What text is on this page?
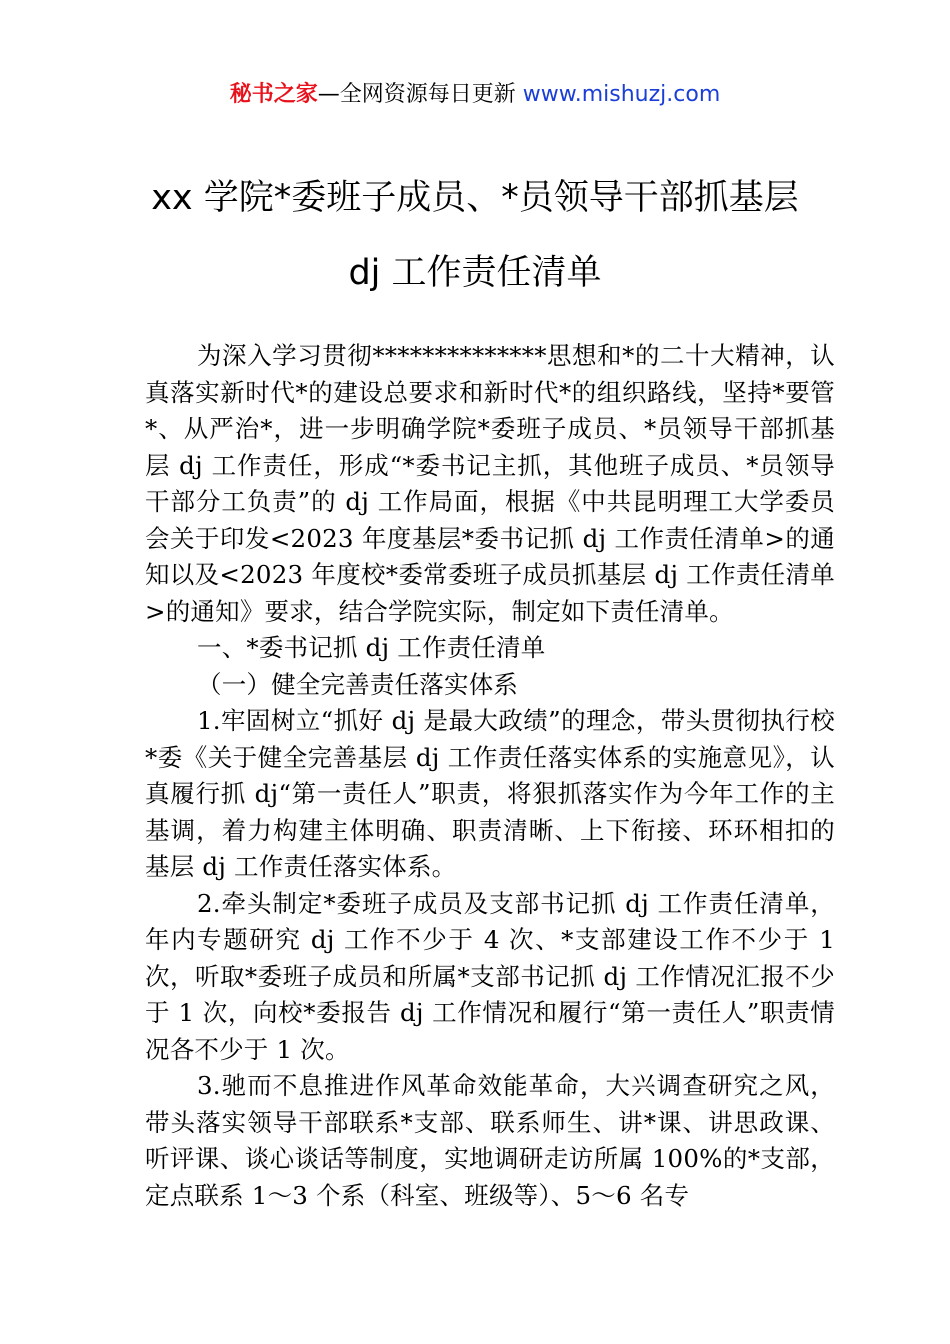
秘书之家—全网资源每日更新 www.mishuzj.com
xx 学院*委班子成员、*员领导干部抓基层
dj 工作责任清单

为深入学习贯彻**************思想和*的二十大精神，认真落实新时代*的建设总要求和新时代*的组织路线，坚持*要管*、从严治*，进一步明确学院*委班子成员、*员领导干部抓基层 dj 工作责任，形成“*委书记主抓，其他班子成员、*员领导干部分工负责”的 dj 工作局面，根据《中共昆明理工大学委员会关于印发<2023 年度基层*委书记抓 dj 工作责任清单>的通知以及<2023 年度校*委常委班子成员抓基层 dj 工作责任清单>的通知》要求，结合学院实际，制定如下责任清单。

一、*委书记抓 dj 工作责任清单

（一）健全完善责任落实体系

1.牢固树立“抓好 dj 是最大政绩”的理念，带头贯彻执行校*委《关于健全完善基层 dj 工作责任落实体系的实施意见》，认真履行抓 dj“第一责任人”职责，将狠抓落实作为今年工作的主基调，着力构建主体明确、职责清晰、上下衔接、环环相扣的基层 dj 工作责任落实体系。

2.牵头制定*委班子成员及支部书记抓 dj 工作责任清单，年内专题研究 dj 工作不少于 4 次、*支部建设工作不少于 1 次，听取*委班子成员和所属*支部书记抓 dj 工作情况汇报不少于 1 次，向校*委报告 dj 工作情况和履行“第一责任人”职责情况各不少于 1 次。

3.驰而不息推进作风革命效能革命，大兴调查研究之风，带头落实领导干部联系*支部、联系师生、讲*课、讲思政课、听评课、谈心谈话等制度，实地调研走访所属 100%的*支部，定点联系 1～3 个系（科室、班级等）、5～6 名专
